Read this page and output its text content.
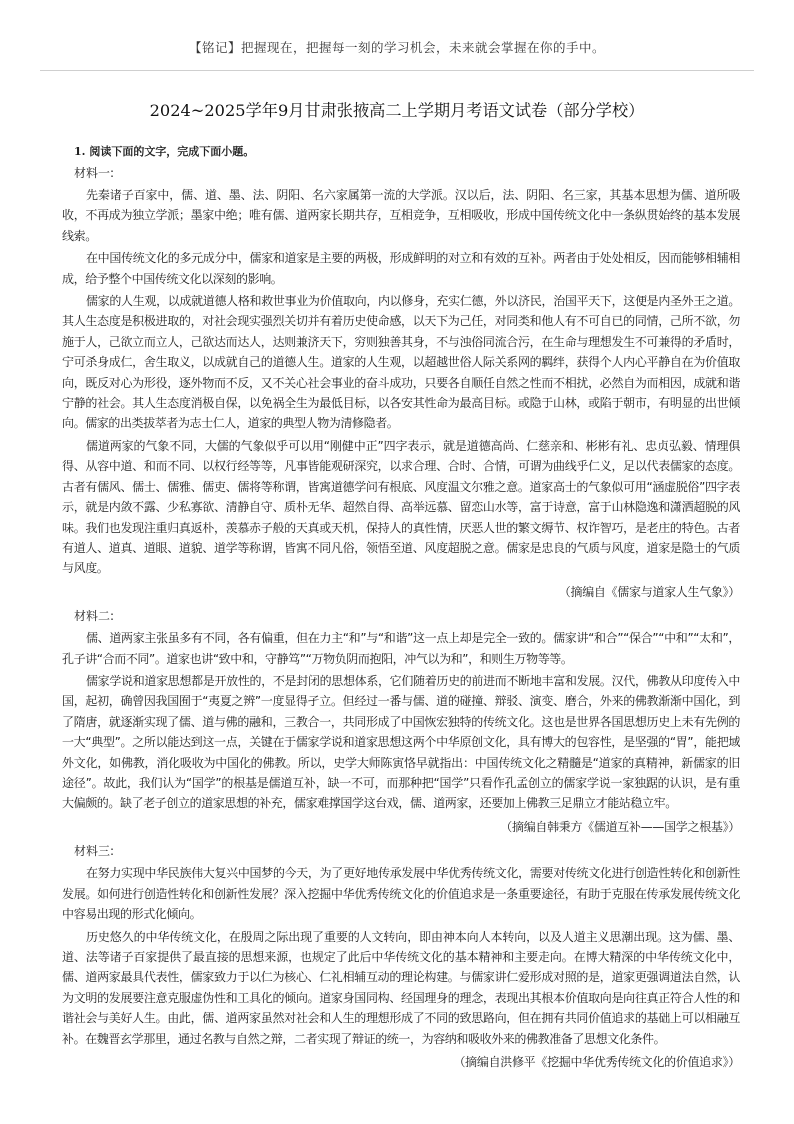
【铭记】把握现在，把握每一刻的学习机会，未来就会掌握在你的手中。
2024~2025学年9月甘肃张掖高二上学期月考语文试卷（部分学校）
1. 阅读下面的文字，完成下面小题。
材料一:

先秦诸子百家中，儒、道、墨、法、阴阳、名六家属第一流的大学派。汉以后，法、阴阳、名三家，其基本思想为儒、道所吸收，不再成为独立学派；墨家中绝；唯有儒、道两家长期共存，互相竞争，互相吸收，形成中国传统文化中一条纵贯始终的基本发展线索。

在中国传统文化的多元成分中，儒家和道家是主要的两极，形成鲜明的对立和有效的互补。两者由于处处相反，因而能够相辅相成，给予整个中国传统文化以深刻的影响。

儒家的人生观，以成就道德人格和救世事业为价值取向，内以修身，充实仁德，外以济民，治国平天下，这便是内圣外王之道。其人生态度是积极进取的，对社会现实强烈关切并有着历史使命感，以天下为己任，对同类和他人有不可自已的同情，己所不欲，勿施于人，己欲立而立人，己欲达而达人，达则兼济天下，穷则独善其身，不与浊俗同流合污，在生命与理想发生不可兼得的矛盾时，宁可杀身成仁，舍生取义，以成就自己的道德人生。道家的人生观，以超越世俗人际关系网的羁绊，获得个人内心平静自在为价值取向，既反对心为形役，逐外物而不反，又不关心社会事业的奋斗成功，只要各自顺任自然之性而不相扰，必然自为而相因，成就和谐宁静的社会。其人生态度消极自保，以免祸全生为最低目标，以各安其性命为最高目标。或隐于山林，或陷于朝市，有明显的出世倾向。儒家的出类拔萃者为志士仁人，道家的典型人物为清修隐者。

儒道两家的气象不同，大儒的气象似乎可以用“刚健中正”四字表示，就是道德高尚、仁慈亲和、彬彬有礼、忠贞弘毅、情理俱得、从容中道、和而不同、以权行经等等，凡事皆能观研深究，以求合理、合时、合情，可谓为曲线乎仁义，足以代表儒家的态度。古者有儒风、儒士、儒雅、儒吏、儒将等称谓，皆寓道德学问有根底、风度温文尔雅之意。道家高士的气象似可用“涵虚脱俗”四字表示，就是内敛不露、少私寡欲、清静自守、质朴无华、超然自得、高举远慕、留恋山水等，富于诗意，富于山林隐逸和潇洒超脱的风味。我们也发现注重归真返朴，羡慕赤子般的天真或天机，保持人的真性情，厌恶人世的繁文缛节、权诈智巧，是老庄的特色。古者有道人、道真、道眼、道貌、道学等称谓，皆寓不同凡俗，领悟至道、风度超脱之意。儒家是忠良的气质与风度，道家是隐士的气质与风度。

（摘编自《儒家与道家人生气象》）
材料二:

儒、道两家主张虽多有不同，各有偏重，但在力主“和”与“和谐”这一点上却是完全一致的。儒家讲“和合”“保合”“中和”“太和”，孔子讲“合而不同”。道家也讲“致中和，守静笃”“万物负阴而抱阳，冲气以为和”，和则生万物等等。

儒家学说和道家思想都是开放性的，不是封闭的思想体系，它们随着历史的前进而不断地丰富和发展。汉代，佛教从印度传入中国，起初，确曾因我国囿于“夷夏之辨”一度显得孑立。但经过一番与儒、道的碰撞、辩驳、演变、磨合，外来的佛教渐渐中国化，到了隋唐，就逐渐实现了儒、道与佛的融和，三教合一，共同形成了中国恢宏独特的传统文化。这也是世界各国思想历史上未有先例的一大“典型”。之所以能达到这一点，关键在于儒家学说和道家思想这两个中华原创文化，具有博大的包容性，是坚强的“胃”，能把域外文化，如佛教，消化吸收为中国化的佛教。所以，史学大师陈寅恪早就指出：中国传统文化之精髓是“道家的真精神，新儒家的旧途径”。故此，我们认为“国学”的根基是儒道互补，缺一不可，而那种把“国学”只看作孔孟创立的儒家学说一家独踞的认识，是有重大偏颇的。缺了老子创立的道家思想的补充，儒家难撑国学这台戏，儒、道两家，还要加上佛教三足鼎立才能站稳立牢。

（摘编自韩秉方《儒道互补——国学之根基》）
材料三:

在努力实现中华民族伟大复兴中国梦的今天，为了更好地传承发展中华优秀传统文化，需要对传统文化进行创造性转化和创新性发展。如何进行创造性转化和创新性发展？深入挖掘中华优秀传统文化的价值追求是一条重要途径，有助于克服在传承发展传统文化中容易出现的形式化倾向。

历史悠久的中华传统文化，在殷周之际出现了重要的人文转向，即由神本向人本转向，以及人道主义思潮出现。这为儒、墨、道、法等诸子百家提供了最直接的思想来源，也规定了此后中华传统文化的基本精神和主要走向。在博大精深的中华传统文化中，儒、道两家最具代表性，儒家致力于以仁为核心、仁礼相辅互动的理论构建。与儒家讲仁爱形成对照的是，道家更强调道法自然，认为文明的发展要注意克服虚伪性和工具化的倾向。道家身国同构、经国理身的理念，表现出其根本价值取向是向往真正符合人性的和谐社会与美好人生。由此，儒、道两家虽然对社会和人生的理想形成了不同的致思路向，但在拥有共同价值追求的基础上可以相融互补。在魏晋玄学那里，通过名教与自然之辩，二者实现了辩证的统一，为容纳和吸收外来的佛教准备了思想文化条件。

（摘编自洪修平《挖掘中华优秀传统文化的价值追求》）
